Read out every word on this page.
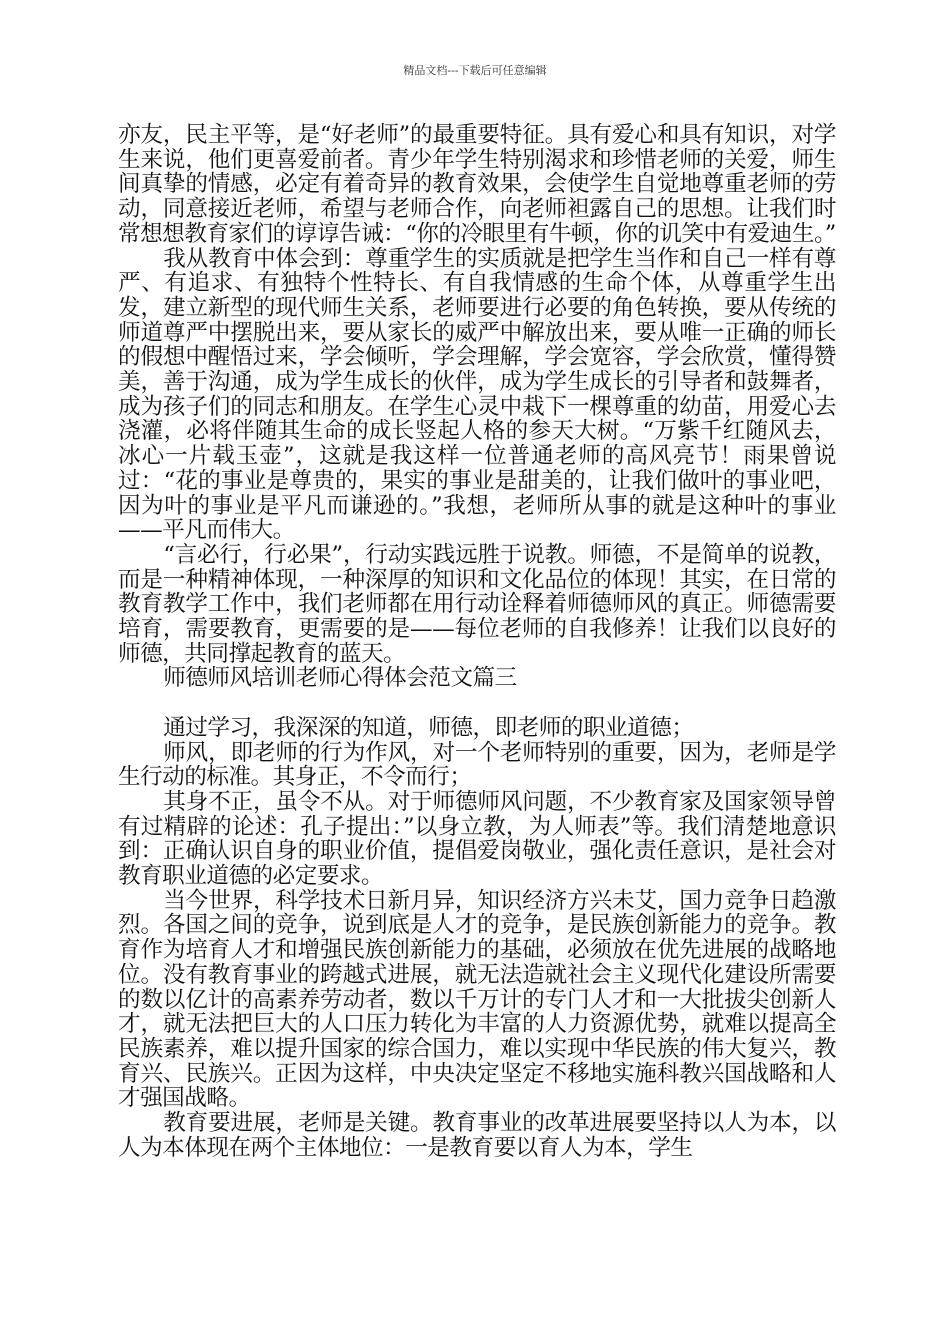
精品文档---下载后可任意编辑

亦友，民主平等，是“好老师”的最重要特征。具有爱心和具有知识，对学生来说，他们更喜爱前者。青少年学生特别渴求和珍惜老师的关爱，师生间真挚的情感，必定有着奇异的教育效果，会使学生自觉地尊重老师的劳动，同意接近老师，希望与老师合作，向老师袒露自己的思想。让我们时常想想教育家们的谆谆告诫：“你的冷眼里有牛顿，你的讥笑中有爱迪生。”

我从教育中体会到：尊重学生的实质就是把学生当作和自己一样有尊严、有追求、有独特个性特长、有自我情感的生命个体，从尊重学生出发，建立新型的现代师生关系，老师要进行必要的角色转换，要从传统的师道尊严中摆脱出来，要从家长的威严中解放出来，要从唯一正确的师长的假想中醒悟过来，学会倾听，学会理解，学会宽容，学会欣赏，懂得赞美，善于沟通，成为学生成长的伙伴，成为学生成长的引导者和鼓舞者，成为孩子们的同志和朋友。在学生心灵中栽下一棵尊重的幼苗，用爱心去浇灌，必将伴随其生命的成长竖起人格的参天大树。“万紫千红随风去，冰心一片载玉壶”，这就是我这样一位普通老师的高风亮节！雨果曾说过：“花的事业是尊贵的，果实的事业是甜美的，让我们做叶的事业吧，因为叶的事业是平凡而谦逊的。”我想，老师所从事的就是这种叶的事业——平凡而伟大。

“言必行，行必果”，行动实践远胜于说教。师德，不是简单的说教，而是一种精神体现，一种深厚的知识和文化品位的体现！其实，在日常的教育教学工作中，我们老师都在用行动诠释着师德师风的真正。师德需要培育，需要教育，更需要的是——每位老师的自我修养！让我们以良好的师德，共同撑起教育的蓝天。

师德师风培训老师心得体会范文篇三

通过学习，我深深的知道，师德，即老师的职业道德；

师风，即老师的行为作风，对一个老师特别的重要，因为，老师是学生行动的标准。其身正，不令而行；

其身不正，虽令不从。对于师德师风问题，不少教育家及国家领导曾有过精辟的论述：孔子提出：”以身立教，为人师表”等。我们清楚地意识到：正确认识自身的职业价值，提倡爱岗敬业，强化责任意识，是社会对教育职业道德的必定要求。

当今世界，科学技术日新月异，知识经济方兴未艾，国力竞争日趋激烈。各国之间的竞争，说到底是人才的竞争，是民族创新能力的竞争。教育作为培育人才和增强民族创新能力的基础，必须放在优先进展的战略地位。没有教育事业的跨越式进展，就无法造就社会主义现代化建设所需要的数以亿计的高素养劳动者，数以千万计的专门人才和一大批拔尖创新人才，就无法把巨大的人口压力转化为丰富的人力资源优势，就难以提高全民族素养，难以提升国家的综合国力，难以实现中华民族的伟大复兴，教育兴、民族兴。正因为这样，中央决定坚定不移地实施科教兴国战略和人才强国战略。

教育要进展，老师是关键。教育事业的改革进展要坚持以人为本，以人为本体现在两个主体地位：一是教育要以育人为本，学生
